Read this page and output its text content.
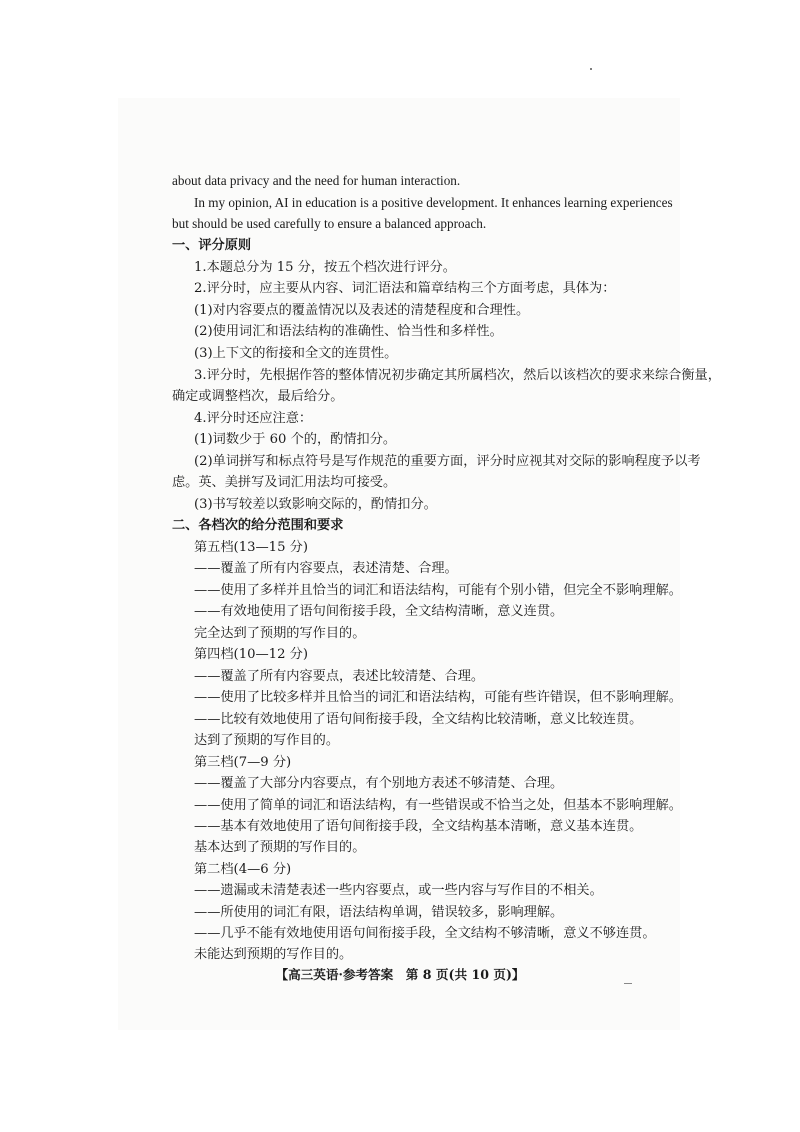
about data privacy and the need for human interaction.
In my opinion, AI in education is a positive development. It enhances learning experiences
but should be used carefully to ensure a balanced approach.
一、评分原则
1.本题总分为 15 分，按五个档次进行评分。
2.评分时，应主要从内容、词汇语法和篇章结构三个方面考虑，具体为：
(1)对内容要点的覆盖情况以及表述的清楚程度和合理性。
(2)使用词汇和语法结构的准确性、恰当性和多样性。
(3)上下文的衔接和全文的连贯性。
3.评分时，先根据作答的整体情况初步确定其所属档次，然后以该档次的要求来综合衡量，
确定或调整档次，最后给分。
4.评分时还应注意：
(1)词数少于 60 个的，酌情扣分。
(2)单词拼写和标点符号是写作规范的重要方面，评分时应视其对交际的影响程度予以考
虑。英、美拼写及词汇用法均可接受。
(3)书写较差以致影响交际的，酌情扣分。
二、各档次的给分范围和要求
第五档(13—15 分)
——覆盖了所有内容要点，表述清楚、合理。
——使用了多样并且恰当的词汇和语法结构，可能有个别小错，但完全不影响理解。
——有效地使用了语句间衔接手段，全文结构清晰，意义连贯。
完全达到了预期的写作目的。
第四档(10—12 分)
——覆盖了所有内容要点，表述比较清楚、合理。
——使用了比较多样并且恰当的词汇和语法结构，可能有些许错误，但不影响理解。
——比较有效地使用了语句间衔接手段，全文结构比较清晰，意义比较连贯。
达到了预期的写作目的。
第三档(7—9 分)
——覆盖了大部分内容要点，有个别地方表述不够清楚、合理。
——使用了简单的词汇和语法结构，有一些错误或不恰当之处，但基本不影响理解。
——基本有效地使用了语句间衔接手段，全文结构基本清晰，意义基本连贯。
基本达到了预期的写作目的。
第二档(4—6 分)
——遗漏或未清楚表述一些内容要点，或一些内容与写作目的不相关。
——所使用的词汇有限，语法结构单调，错误较多，影响理解。
——几乎不能有效地使用语句间衔接手段，全文结构不够清晰，意义不够连贯。
未能达到预期的写作目的。
【高三英语·参考答案　第 8 页(共 10 页)】
